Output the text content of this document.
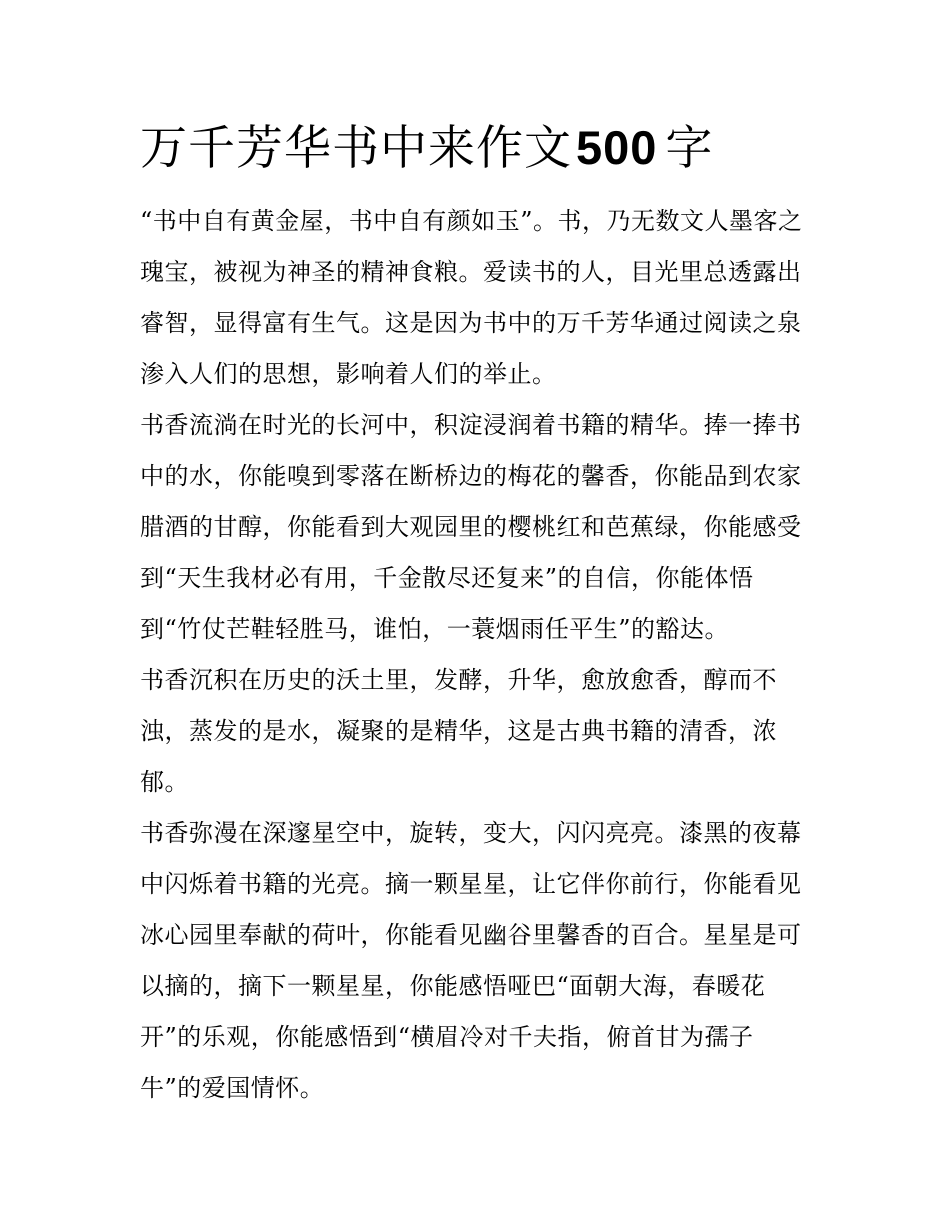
万千芳华书中来作文500 字
“书中自有黄金屋，书中自有颜如玉”。书，乃无数文人墨客之
瑰宝，被视为神圣的精神食粮。爱读书的人，目光里总透露出
睿智，显得富有生气。这是因为书中的万千芳华通过阅读之泉
渗入人们的思想，影响着人们的举止。
书香流淌在时光的长河中，积淀浸润着书籍的精华。捧一捧书
中的水，你能嗅到零落在断桥边的梅花的馨香，你能品到农家
腊酒的甘醇，你能看到大观园里的樱桃红和芭蕉绿，你能感受
到“天生我材必有用，千金散尽还复来”的自信，你能体悟
到“竹仗芒鞋轻胜马，谁怕，一蓑烟雨任平生”的豁达。
书香沉积在历史的沃土里，发酵，升华，愈放愈香，醇而不
浊，蒸发的是水，凝聚的是精华，这是古典书籍的清香，浓
郁。
书香弥漫在深邃星空中，旋转，变大，闪闪亮亮。漆黑的夜幕
中闪烁着书籍的光亮。摘一颗星星，让它伴你前行，你能看见
冰心园里奉献的荷叶，你能看见幽谷里馨香的百合。星星是可
以摘的，摘下一颗星星，你能感悟哑巴“面朝大海，春暖花
开”的乐观，你能感悟到“横眉冷对千夫指，俯首甘为孺子
牛”的爱国情怀。
